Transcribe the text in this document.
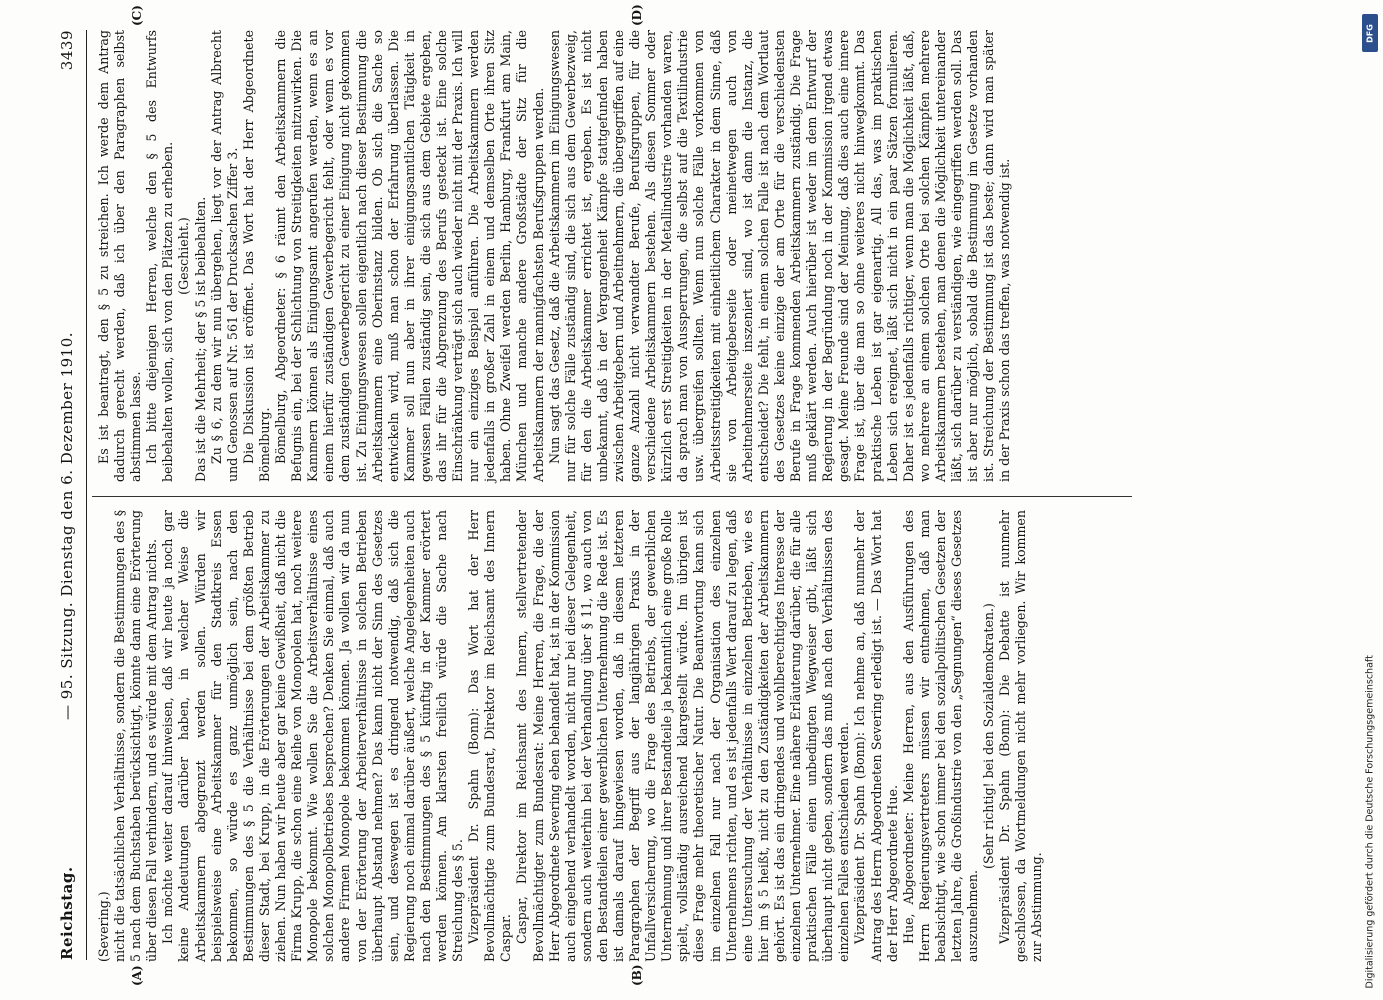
Reichstag.
— 95. Sitzung. Dienstag den 6. Dezember 1910.
3439
(A)	(B)
(C)	(D)

(Severing.) nicht die tatsächlichen Verhältnisse, sondern die Bestimmungen des § 5 nach dem Buchstaben berücksichtigt, könnte dann eine Erörterung über diesen Fall verhindern, und es würde mit dem Antrag nichts. Ich möchte weiter darauf hinweisen, daß wir heute ja noch gar keine Andeutungen darüber haben, in welcher Weise die Arbeitskammern abgegrenzt werden sollen. Würden wir beispielsweise eine Arbeitskammer für den Stadtkreis Essen bekommen, so würde es ganz unmöglich sein, nach den Bestimmungen des § 5 die Verhältnisse bei dem größten Betrieb dieser Stadt, bei Krupp, in die Erörterungen der Arbeitskammer zu ziehen. Nun haben wir heute aber gar keine Gewißheit, daß nicht die Firma Krupp, die schon eine Reihe von Monopolen hat, noch weitere Monopole bekommt. Wie wollen Sie die Arbeitsverhältnisse eines solchen Monopolbetriebes besprechen? Denken Sie einmal, daß auch andere Firmen Monopole bekommen können. Ja wollen wir da nun von der Erörterung der Arbeiterverhältnisse in solchen Betrieben überhaupt Abstand nehmen? Das kann nicht der Sinn des Gesetzes sein, und deswegen ist es dringend notwendig, daß sich die Regierung noch einmal darüber äußert, welche Angelegenheiten auch nach den Bestimmungen des § 5 künftig in der Kammer erörtert werden können. Am klarsten freilich würde die Sache nach Streichung des § 5. Vizepräsident Dr. Spahn (Bonn): Das Wort hat der Herr Bevollmächtigte zum Bundesrat, Direktor im Reichsamt des Innern Caspar. Caspar, Direktor im Reichsamt des Innern, stellvertretender Bevollmächtigter zum Bundesrat: Meine Herren, die Frage, die der Herr Abgeordnete Severing eben behandelt hat, ist in der Kommission auch eingehend verhandelt worden, nicht nur bei dieser Gelegenheit, sondern auch weiterhin bei der Verhandlung über § 11, wo auch von den Bestandteilen einer gewerblichen Unternehmung die Rede ist. Es ist damals darauf hingewiesen worden, daß in diesem letzteren Paragraphen der Begriff aus der langjährigen Praxis in der Unfallversicherung, wo die Frage des Betriebs, der gewerblichen Unternehmung und ihrer Bestandteile ja bekanntlich eine große Rolle spielt, vollständig ausreichend klargestellt würde. Im übrigen ist diese Frage mehr theoretischer Natur. Die Beantwortung kann sich im einzelnen Fall nur nach der Organisation des einzelnen Unternehmens richten, und es ist jedenfalls Wert darauf zu legen, daß eine Untersuchung der Verhältnisse in einzelnen Betrieben, wie es hier im § 5 heißt, nicht zu den Zuständigkeiten der Arbeitskammern gehört. Es ist das ein dringendes und wohlberechtigtes Interesse der einzelnen Unternehmer. Eine nähere Erläuterung darüber, die für alle praktischen Fälle einen unbedingten Wegweiser gibt, läßt sich überhaupt nicht geben, sondern das muß nach den Verhältnissen des einzelnen Falles entschieden werden. Vizepräsident Dr. Spahn (Bonn): Ich nehme an, daß nunmehr der Antrag des Herrn Abgeordneten Severing erledigt ist. — Das Wort hat der Herr Abgeordnete Hue. Hue, Abgeordneter: Meine Herren, aus den Ausführungen des Herrn Regierungsvertreters müssen wir entnehmen, daß man beabsichtigt, wie schon immer bei den sozialpolitischen Gesetzen der letzten Jahre, die Großindustrie von den „Segnungen“ dieses Gesetzes auszunehmen.

(Sehr richtig! bei den Sozialdemokraten.) Vizepräsident Dr. Spahn (Bonn): Die Debatte ist nunmehr geschlossen, da Wortmeldungen nicht mehr vorliegen. Wir kommen zur Abstimmung.

Es ist beantragt, den § 5 zu streichen. Ich werde dem Antrag dadurch gerecht werden, daß ich über den Paragraphen selbst abstimmen lasse. Ich bitte diejenigen Herren, welche den § 5 des Entwurfs beibehalten wollen, sich von den Plätzen zu erheben. (Geschieht.) Das ist die Mehrheit; der § 5 ist beibehalten. Zu § 6, zu dem wir nun übergehen, liegt vor der Antrag Albrecht und Genossen auf Nr. 561 der Drucksachen Ziffer 3. Die Diskussion ist eröffnet. Das Wort hat der Herr Abgeordnete Bömelburg. Bömelburg, Abgeordneter: § 6 räumt den Arbeitskammern die Befugnis ein, bei der Schlichtung von Streitigkeiten mitzuwirken. Die Kammern können als Einigungsamt angerufen werden, wenn es an einem hierfür zuständigen Gewerbegericht fehlt, oder wenn es vor dem zuständigen Gewerbegericht zu einer Einigung nicht gekommen ist. Zu Einigungswesen sollen eigentlich nach dieser Bestimmung die Arbeitskammern eine Oberinstanz bilden. Ob sich die Sache so entwickeln wird, muß man schon der Erfahrung überlassen. Die Kammer soll nun aber in ihrer einigungsamtlichen Tätigkeit in gewissen Fällen zuständig sein, die sich aus dem Gebiete ergeben, das ihr für die Abgrenzung des Berufs gesteckt ist. Eine solche Einschränkung verträgt sich auch wieder nicht mit der Praxis. Ich will nur ein einziges Beispiel anführen. Die Arbeitskammern werden jedenfalls in großer Zahl in einem und demselben Orte ihren Sitz haben. Ohne Zweifel werden Berlin, Hamburg, Frankfurt am Main, München und manche andere Großstädte der Sitz für die Arbeitskammern der mannigfachsten Berufsgruppen werden. Nun sagt das Gesetz, daß die Arbeitskammern im Einigungswesen nur für solche Fälle zuständig sind, die sich aus dem Gewerbezweig, für den die Arbeitskammer errichtet ist, ergeben. Es ist nicht unbekannt, daß in der Vergangenheit Kämpfe stattgefunden haben zwischen Arbeitgebern und Arbeitnehmern, die übergegriffen auf eine ganze Anzahl nicht verwandter Berufe, Berufsgruppen, für die verschiedene Arbeitskammern bestehen. Als diesen Sommer oder kürzlich erst Streitigkeiten in der Metallindustrie vorhanden waren, da sprach man von Aussperrungen, die selbst auf die Textilindustrie usw. übergreifen sollten. Wenn nun solche Fälle vorkommen von Arbeitsstreitigkeiten mit einheitlichem Charakter in dem Sinne, daß sie von Arbeitgeberseite oder meinetwegen auch von Arbeitnehmerseite inszeniert sind, wo ist dann die Instanz, die entscheidet? Die fehlt, in einem solchen Falle ist nach dem Wortlaut des Gesetzes keine einzige der am Orte für die verschiedensten Berufe in Frage kommenden Arbeitskammern zuständig. Die Frage muß geklärt werden. Auch hierüber ist weder im dem Entwurf der Regierung in der Begründung noch in der Kommission irgend etwas gesagt. Meine Freunde sind der Meinung, daß dies auch eine innere Frage ist, über die man so ohne weiteres nicht hinwegkommt. Das praktische Leben ist gar eigenartig. All das, was im praktischen Leben sich ereignet, läßt sich nicht in ein paar Sätzen formulieren. Daher ist es jedenfalls richtiger, wenn man die Möglichkeit läßt, daß, wo mehrere an einem solchen Orte bei solchen Kämpfen mehrere Arbeitskammern bestehen, man denen die Möglichkeit untereinander läßt, sich darüber zu verständigen, wie eingegriffen werden soll. Das ist aber nur möglich, sobald die Bestimmung im Gesetze vorhanden ist. Streichung der Bestimmung ist das beste; dann wird man später in der Praxis schon das treffen, was notwendig ist.

DFG
Digitalisierung gefördert durch die Deutsche Forschungsgemeinschaft
